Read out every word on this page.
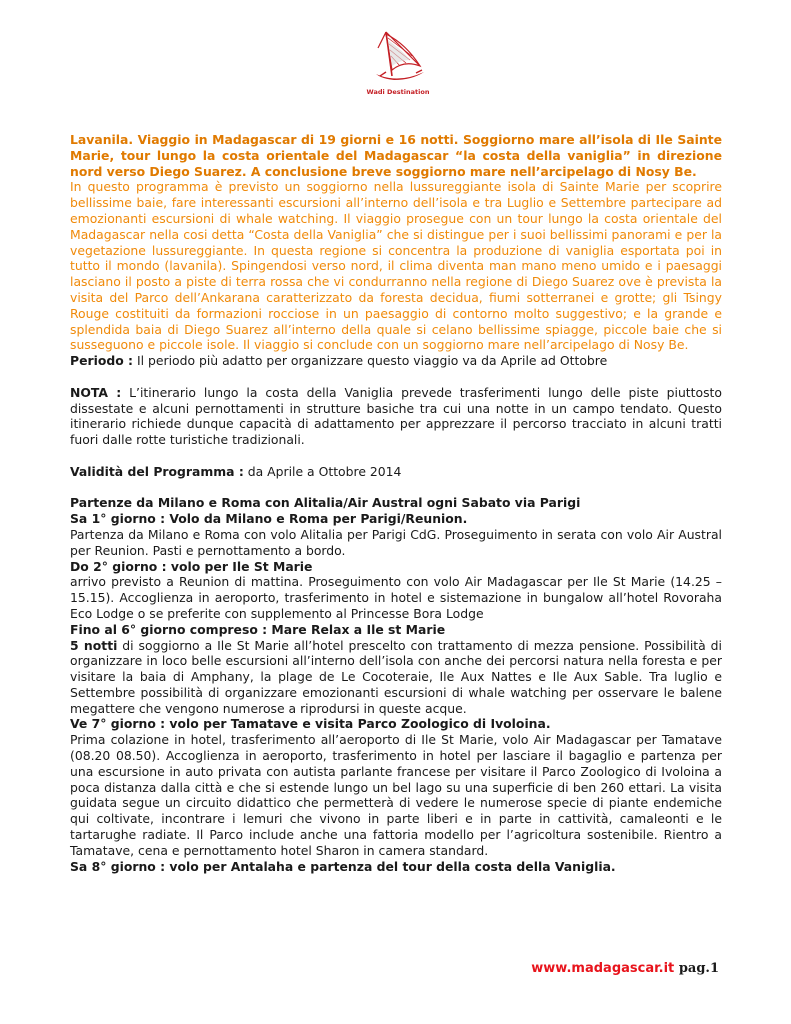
Wadi Destination

Lavanila. Viaggio in Madagascar di 19 giorni e 16 notti. Soggiorno mare all’isola di Ile Sainte Marie, tour lungo la costa orientale del Madagascar “la costa della vaniglia” in direzione nord verso Diego Suarez. A conclusione breve soggiorno mare nell’arcipelago di Nosy Be.

In questo programma è previsto un soggiorno nella lussureggiante isola di Sainte Marie per scoprire bellissime baie, fare interessanti escursioni all’interno dell’isola e tra Luglio e Settembre partecipare ad emozionanti escursioni di whale watching. Il viaggio prosegue con un tour lungo la costa orientale del Madagascar nella cosi detta “Costa della Vaniglia” che si distingue per i suoi bellissimi panorami e per la vegetazione lussureggiante. In questa regione si concentra la produzione di vaniglia esportata poi in tutto il mondo (lavanila). Spingendosi verso nord, il clima diventa man mano meno umido e i paesaggi lasciano il posto a piste di terra rossa che vi condurranno nella regione di Diego Suarez ove è prevista la visita del Parco dell’Ankarana caratterizzato da foresta decidua, fiumi sotterranei e grotte; gli Tsingy Rouge costituiti da formazioni rocciose in un paesaggio di contorno molto suggestivo; e la grande e splendida baia di Diego Suarez all’interno della quale si celano bellissime spiagge, piccole baie che si susseguono e piccole isole. Il viaggio si conclude con un soggiorno mare nell’arcipelago di Nosy Be.

Periodo : Il periodo più adatto per organizzare questo viaggio va da Aprile ad Ottobre

NOTA : L’itinerario lungo la costa della Vaniglia prevede trasferimenti lungo delle piste piuttosto dissestate e alcuni pernottamenti in strutture basiche tra cui una notte in un campo tendato. Questo itinerario richiede dunque capacità di adattamento per apprezzare il percorso tracciato in alcuni tratti fuori dalle rotte turistiche tradizionali.

Validità del Programma : da Aprile a Ottobre 2014

Partenze da Milano e Roma con Alitalia/Air Austral ogni Sabato via Parigi

Sa 1° giorno : Volo da Milano e Roma per Parigi/Reunion.

Partenza da Milano e Roma con volo Alitalia per Parigi CdG. Proseguimento in serata con volo Air Austral per Reunion. Pasti e pernottamento a bordo.

Do 2° giorno : volo per Ile St Marie

arrivo previsto a Reunion di mattina. Proseguimento con volo Air Madagascar per Ile St Marie (14.25 – 15.15). Accoglienza in aeroporto, trasferimento in hotel e sistemazione in bungalow all’hotel Rovoraha Eco Lodge o se preferite con supplemento al Princesse Bora Lodge

Fino al 6° giorno compreso : Mare Relax a Ile st Marie

5 notti di soggiorno a Ile St Marie all’hotel prescelto con trattamento di mezza pensione. Possibilità di organizzare in loco belle escursioni all’interno dell’isola con anche dei percorsi natura nella foresta e per visitare la baia di Amphany, la plage de Le Cocoteraie, Ile Aux Nattes e Ile Aux Sable. Tra luglio e Settembre possibilità di organizzare emozionanti escursioni di whale watching per osservare le balene megattere che vengono numerose a riprodursi in queste acque.

Ve 7° giorno : volo per Tamatave e visita Parco Zoologico di Ivoloina.

Prima colazione in hotel, trasferimento all’aeroporto di Ile St Marie, volo Air Madagascar per Tamatave (08.20 08.50). Accoglienza in aeroporto, trasferimento in hotel per lasciare il bagaglio e partenza per una escursione in auto privata con autista parlante francese per visitare il Parco Zoologico di Ivoloina a poca distanza dalla città e che si estende lungo un bel lago su una superficie di ben 260 ettari. La visita guidata segue un circuito didattico che permetterà di vedere le numerose specie di piante endemiche qui coltivate, incontrare i lemuri che vivono in parte liberi e in parte in cattività, camaleonti e le tartarughe radiate. Il Parco include anche una fattoria modello per l’agricoltura sostenibile. Rientro a Tamatave, cena e pernottamento hotel Sharon in camera standard.

Sa 8° giorno : volo per Antalaha e partenza del tour della costa della Vaniglia.

www.madagascar.it pag.1
